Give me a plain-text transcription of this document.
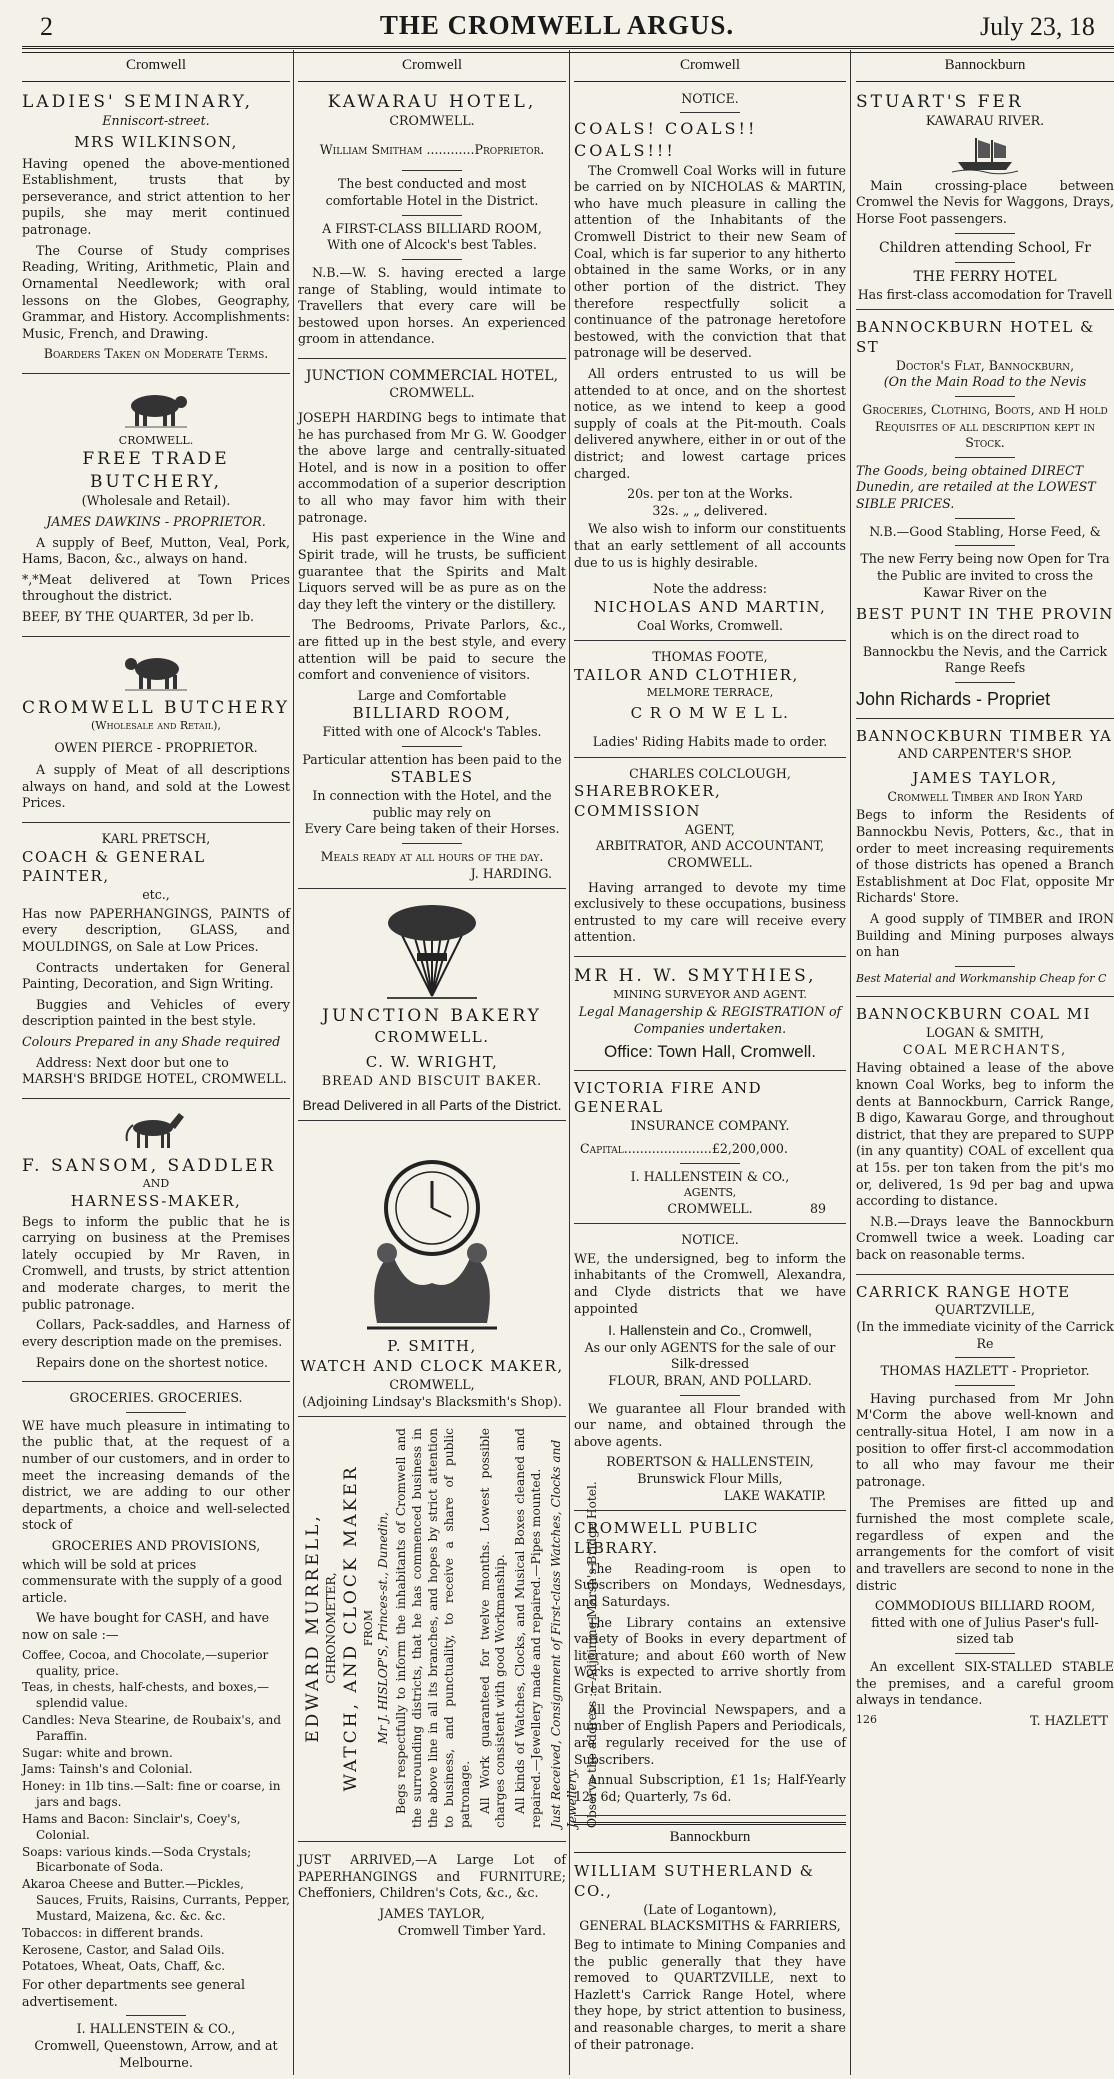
2	THE CROMWELL ARGUS.	July 23, 18
Cromwell
LADIES' SEMINARY,
Enniscort-street.
MRS WILKINSON,

Having opened the above-mentioned Establishment, trusts that by perseverance, and strict attention to her pupils, she may merit continued patronage.

The Course of Study comprises Reading, Writing, Arithmetic, Plain and Ornamental Needlework; with oral lessons on the Globes, Geography, Grammar, and History. Accomplishments: Music, French, and Drawing.

Boarders Taken on Moderate Terms.

CROMWELL.
FREE TRADE BUTCHERY,
(Wholesale and Retail).
JAMES DAWKINS - PROPRIETOR.

A supply of Beef, Mutton, Veal, Pork, Hams, Bacon, &c., always on hand.

*,*Meat delivered at Town Prices throughout the district.

BEEF, BY THE QUARTER, 3d per lb.

CROMWELL BUTCHERY
(Wholesale and Retail),
OWEN PIERCE - PROPRIETOR.

A supply of Meat of all descriptions always on hand, and sold at the Lowest Prices.

KARL PRETSCH,
COACH & GENERAL PAINTER,
etc.,

Has now PAPERHANGINGS, PAINTS of every description, GLASS, and MOULDINGS, on Sale at Low Prices.

Contracts undertaken for General Painting, Decoration, and Sign Writing.

Buggies and Vehicles of every description painted in the best style.

Colours Prepared in any Shade required

Address: Next door but one to MARSH'S BRIDGE HOTEL, CROMWELL.

F. SANSOM, SADDLER
AND
HARNESS-MAKER,

Begs to inform the public that he is carrying on business at the Premises lately occupied by Mr Raven, in Cromwell, and trusts, by strict attention and moderate charges, to merit the public patronage.

Collars, Pack-saddles, and Harness of every description made on the premises.

Repairs done on the shortest notice.

GROCERIES. GROCERIES.

WE have much pleasure in intimating to the public that, at the request of a number of our customers, and in order to meet the increasing demands of the district, we are adding to our other departments, a choice and well-selected stock of

GROCERIES AND PROVISIONS,

which will be sold at prices commensurate with the supply of a good article.

We have bought for CASH, and have now on sale :—

Coffee, Cocoa, and Chocolate,—superior quality, price.

Teas, in chests, half-chests, and boxes,—splendid value.

Candles: Neva Stearine, de Roubaix's, and Paraffin.

Sugar: white and brown.

Jams: Tainsh's and Colonial.

Honey: in 1lb tins.—Salt: fine or coarse, in jars and bags.

Hams and Bacon: Sinclair's, Coey's, Colonial.

Soaps: various kinds.—Soda Crystals; Bicarbonate of Soda.

Akaroa Cheese and Butter.—Pickles, Sauces, Fruits, Raisins, Currants, Pepper, Mustard, Maizena, &c. &c. &c.

Tobaccos: in different brands.

Kerosene, Castor, and Salad Oils.

Potatoes, Wheat, Oats, Chaff, &c.

For other departments see general advertisement.

I. HALLENSTEIN & CO.,
Cromwell, Queenstown, Arrow, and at Melbourne.
Cromwell
KAWARAU HOTEL,
CROMWELL.

William Smitham ............Proprietor.

The best conducted and most comfortable Hotel in the District.

A FIRST-CLASS BILLIARD ROOM,
With one of Alcock's best Tables.

N.B.—W. S. having erected a large range of Stabling, would intimate to Travellers that every care will be bestowed upon horses. An experienced groom in attendance.

JUNCTION COMMERCIAL HOTEL,
CROMWELL.

JOSEPH HARDING begs to intimate that he has purchased from Mr G. W. Goodger the above large and centrally-situated Hotel, and is now in a position to offer accommodation of a superior description to all who may favor him with their patronage.

His past experience in the Wine and Spirit trade, will he trusts, be sufficient guarantee that the Spirits and Malt Liquors served will be as pure as on the day they left the vintery or the distillery.

The Bedrooms, Private Parlors, &c., are fitted up in the best style, and every attention will be paid to secure the comfort and convenience of visitors.

Large and Comfortable
BILLIARD ROOM,
Fitted with one of Alcock's Tables.
Particular attention has been paid to the
STABLES
In connection with the Hotel, and the public may rely on
Every Care being taken of their Horses.
Meals ready at all hours of the day.
J. HARDING.
JUNCTION BAKERY
CROMWELL.
C. W. WRIGHT,
BREAD AND BISCUIT BAKER.
Bread Delivered in all Parts of the District.
P. SMITH,
WATCH AND CLOCK MAKER,
CROMWELL,
(Adjoining Lindsay's Blacksmith's Shop).
EDWARD MURRELL, CHRONOMETER, WATCH, AND CLOCK MAKER FROM Mr J. HISLOP'S, Princes-st., Dunedin, Begs respectfully to inform the inhabitants of Cromwell and the surrounding districts, that he has commenced business in the above line in all its branches, and hopes by strict attention to business, and punctuality, to receive a share of public patronage. All Work guaranteed for twelve months. Lowest possible charges consistent with good Workmanship. All kinds of Watches, Clocks, and Musical Boxes cleaned and repaired.—Jewellery made and repaired.—Pipes mounted. Just Received, Consignment of First-class Watches, Clocks and Jewellery. Observe the address :—Adjoining Marsh's Bridge Hotel.

JUST ARRIVED,—A Large Lot of PAPERHANGINGS and FURNITURE; Cheffoniers, Children's Cots, &c., &c.

JAMES TAYLOR,
Cromwell Timber Yard.
Cromwell
NOTICE.
COALS! COALS!! COALS!!!

The Cromwell Coal Works will in future be carried on by NICHOLAS & MARTIN, who have much pleasure in calling the attention of the Inhabitants of the Cromwell District to their new Seam of Coal, which is far superior to any hitherto obtained in the same Works, or in any other portion of the district. They therefore respectfully solicit a continuance of the patronage heretofore bestowed, with the conviction that that patronage will be deserved.

All orders entrusted to us will be attended to at once, and on the shortest notice, as we intend to keep a good supply of coals at the Pit-mouth. Coals delivered anywhere, either in or out of the district; and lowest cartage prices charged.

20s. per ton at the Works.
32s. „ „ delivered.

We also wish to inform our constituents that an early settlement of all accounts due to us is highly desirable.

Note the address:
NICHOLAS AND MARTIN,
Coal Works, Cromwell.
THOMAS FOOTE,
TAILOR AND CLOTHIER,
MELMORE TERRACE,
C R O M W E L L.
Ladies' Riding Habits made to order.
CHARLES COLCLOUGH,
SHAREBROKER, COMMISSION
AGENT,
ARBITRATOR, AND ACCOUNTANT,
CROMWELL.

Having arranged to devote my time exclusively to these occupations, business entrusted to my care will receive every attention.

MR H. W. SMYTHIES,
MINING SURVEYOR AND AGENT.

Legal Managership & REGISTRATION of Companies undertaken.

Office: Town Hall, Cromwell.
VICTORIA FIRE AND GENERAL
INSURANCE COMPANY.

Capital......................£2,200,000.

I. HALLENSTEIN & CO.,
AGENTS,
CROMWELL.	89
NOTICE.

WE, the undersigned, beg to inform the inhabitants of the Cromwell, Alexandra, and Clyde districts that we have appointed

I. Hallenstein and Co., Cromwell,
As our only AGENTS for the sale of our Silk-dressed
FLOUR, BRAN, AND POLLARD.

We guarantee all Flour branded with our name, and obtained through the above agents.

ROBERTSON & HALLENSTEIN,
Brunswick Flour Mills,
LAKE WAKATIP.
CROMWELL PUBLIC LIBRARY.

The Reading-room is open to Subscribers on Mondays, Wednesdays, and Saturdays.

The Library contains an extensive variety of Books in every department of literature; and about £60 worth of New Works is expected to arrive shortly from Great Britain.

All the Provincial Newspapers, and a number of English Papers and Periodicals, are regularly received for the use of Subscribers.

Annual Subscription, £1 1s; Half-Yearly 12s 6d; Quarterly, 7s 6d.

Bannockburn
WILLIAM SUTHERLAND & CO.,
(Late of Logantown),
GENERAL BLACKSMITHS & FARRIERS,

Beg to intimate to Mining Companies and the public generally that they have removed to QUARTZVILLE, next to Hazlett's Carrick Range Hotel, where they hope, by strict attention to business, and reasonable charges, to merit a share of their patronage.

Bannockburn
STUART'S FER
KAWARAU RIVER.

Main crossing-place between Cromwel the Nevis for Waggons, Drays, Horse Foot passengers.

Children attending School, Fr
THE FERRY HOTEL
Has first-class accomodation for Travell
BANNOCKBURN HOTEL & ST
Doctor's Flat, Bannockburn,
(On the Main Road to the Nevis

Groceries, Clothing, Boots, and H hold Requisites of all description kept in Stock.

The Goods, being obtained DIRECT Dunedin, are retailed at the LOWEST SIBLE PRICES.

N.B.—Good Stabling, Horse Feed, &

The new Ferry being now Open for Tra the Public are invited to cross the Kawar River on the

BEST PUNT IN THE PROVIN

which is on the direct road to Bannockbu the Nevis, and the Carrick Range Reefs

John Richards - Propriet
BANNOCKBURN TIMBER YA
AND CARPENTER'S SHOP.
JAMES TAYLOR,
Cromwell Timber and Iron Yard

Begs to inform the Residents of Bannockbu Nevis, Potters, &c., that in order to meet increasing requirements of those districts has opened a Branch Establishment at Doc Flat, opposite Mr Richards' Store.

A good supply of TIMBER and IRON Building and Mining purposes always on han

Best Material and Workmanship Cheap for C

BANNOCKBURN COAL MI
LOGAN & SMITH,
COAL MERCHANTS,

Having obtained a lease of the above known Coal Works, beg to inform the dents at Bannockburn, Carrick Range, B digo, Kawarau Gorge, and throughout district, that they are prepared to SUPP (in any quantity) COAL of excellent qua at 15s. per ton taken from the pit's mo or, delivered, 1s 9d per bag and upwa according to distance.

N.B.—Drays leave the Bannockburn Cromwell twice a week. Loading car back on reasonable terms.

CARRICK RANGE HOTE
QUARTZVILLE,
(In the immediate vicinity of the Carrick Re
THOMAS HAZLETT - Proprietor.

Having purchased from Mr John M'Corm the above well-known and centrally-situa Hotel, I am now in a position to offer first-cl accommodation to all who may favour me their patronage.

The Premises are fitted up and furnished the most complete scale, regardless of expen and the arrangements for the comfort of visit and travellers are second to none in the distric

COMMODIOUS BILLIARD ROOM,
fitted with one of Julius Paser's full-sized tab

An excellent SIX-STALLED STABLE the premises, and a careful groom always in tendance.

126	T. HAZLETT
